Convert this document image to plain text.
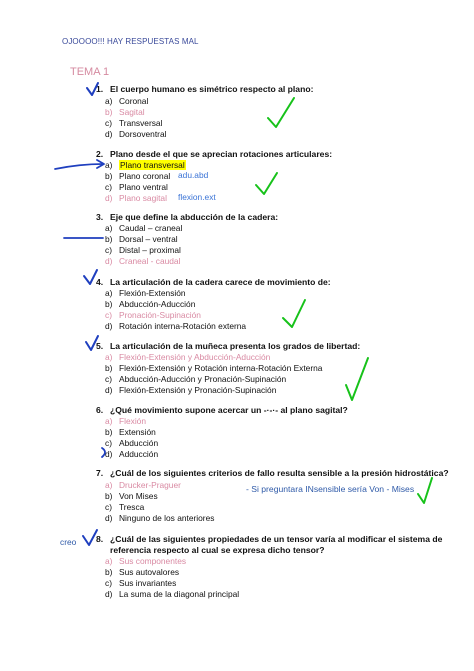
OJOOOO!!! HAY RESPUESTAS MAL
TEMA 1
1. El cuerpo humano es simétrico respecto al plano:
a) Coronal
b) Sagital
c) Transversal
d) Dorsoventral
2. Plano desde el que se aprecian rotaciones articulares:
a) Plano transversal
b) Plano coronal adu.abd
c) Plano ventral
d) Plano sagital flexion.ext
3. Eje que define la abducción de la cadera:
a) Caudal – craneal
b) Dorsal – ventral
c) Distal – proximal
d) Craneal - caudal
4. La articulación de la cadera carece de movimiento de:
a) Flexión-Extensión
b) Abducción-Aducción
c) Pronación-Supinación
d) Rotación interna-Rotación externa
5. La articulación de la muñeca presenta los grados de libertad:
a) Flexión-Extensión y Abducción-Aducción
b) Flexión-Extensión y Rotación interna-Rotación Externa
c) Abducción-Aducción y Pronación-Supinación
d) Flexión-Extensión y Pronación-Supinación
6. ¿Qué movimiento supone acercar un -·-·- al plano sagital?
a) Flexión
b) Extensión
c) Abducción
d) Adducción
7. ¿Cuál de los siguientes criterios de fallo resulta sensible a la presión hidrostática?
a) Drucker-Praguer	- Si preguntara INsensible sería Von - Mises
b) Von Mises
c) Tresca
d) Ninguno de los anteriores
creo 8. ¿Cuál de las siguientes propiedades de un tensor varía al modificar el sistema de
referencia respecto al cual se expresa dicho tensor?
a) Sus componentes
b) Sus autovalores
c) Sus invariantes
d) La suma de la diagonal principal
